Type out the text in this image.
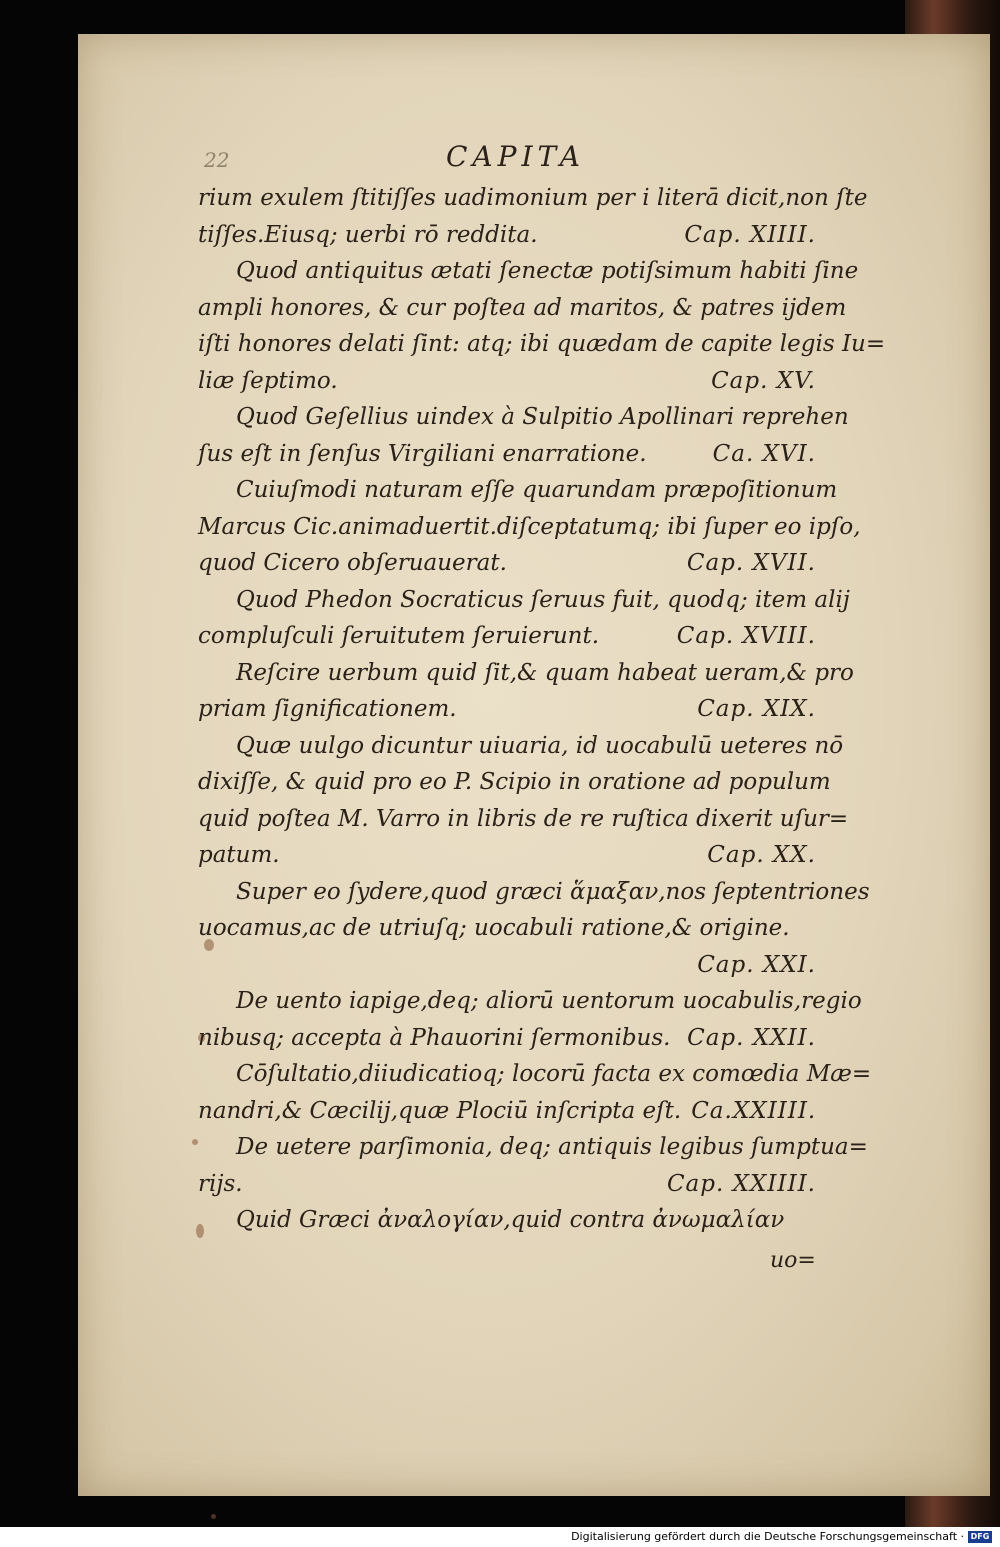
22	CAPITA
rium exulem ſtitiſſes uadimonium per i literā dicit,non ſte
tiſſes.Eiusq; uerbi rō reddita.	Cap. XIIII.
Quod antiquitus ætati ſenectæ potiſsimum habiti ſine
ampli honores, & cur poſtea ad maritos, & patres ijdem
iſti honores delati ſint: atq; ibi quædam de capite legis Iu=
liæ ſeptimo.	Cap. XV.
Quod Geſellius uindex à Sulpitio Apollinari reprehen
ſus eſt in ſenſus Virgiliani enarratione.	Ca. XVI.
Cuiuſmodi naturam eſſe quarundam præpoſitionum
Marcus Cic.animaduertit.diſceptatumq; ibi ſuper eo ipſo,
quod Cicero obſeruauerat.	Cap. XVII.
Quod Phedon Socraticus ſeruus fuit, quodq; item alij
compluſculi ſeruitutem ſeruierunt.	Cap. XVIII.
Reſcire uerbum quid ſit,& quam habeat ueram,& pro
priam ſignificationem.	Cap. XIX.
Quæ uulgo dicuntur uiuaria, id uocabulū ueteres nō
dixiſſe, & quid pro eo P. Scipio in oratione ad populum
quid poſtea M. Varro in libris de re ruſtica dixerit uſur=
patum.	Cap. XX.
Super eo ſydere,quod græci ἅμαξαν,nos ſeptentriones
uocamus,ac de utriuſq; uocabuli ratione,& origine.
Cap. XXI.
De uento iapige,deq; aliorū uentorum uocabulis,regio
nibusq; accepta à Phauorini ſermonibus. Cap. XXII.
Cōſultatio,diiudicatioq; locorū facta ex comœdia Mæ=
nandri,& Cæcilij,quæ Plociū inſcripta eſt. Ca.XXIIII.
De uetere parſimonia, deq; antiquis legibus ſumptua=
rijs.	Cap. XXIIII.
Quid Græci ἀναλογίαν,quid contra ἀνωμαλίαν
uo=
Digitalisierung gefördert durch die Deutsche Forschungsgemeinschaft · DFG
